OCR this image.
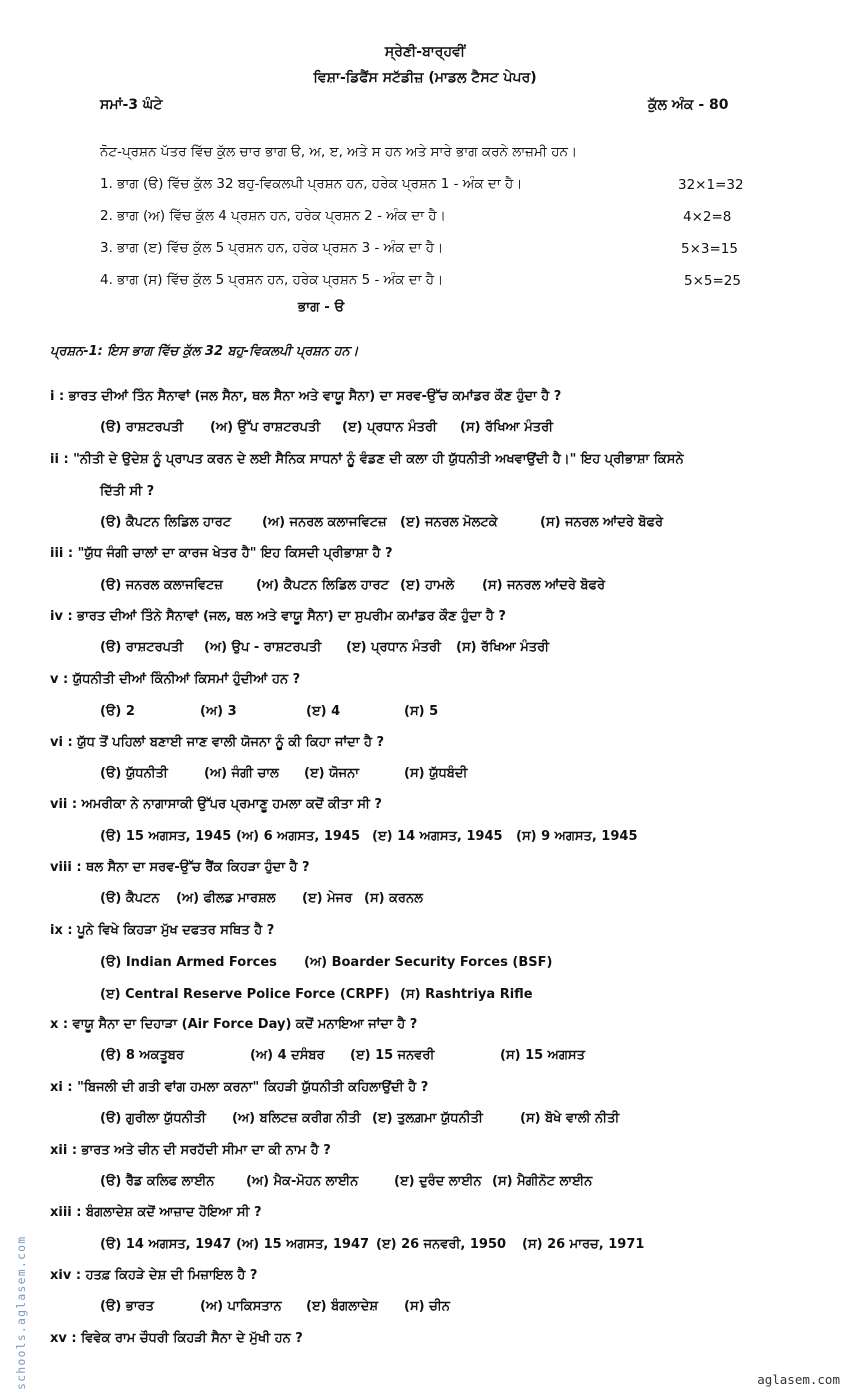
ਸ੍ਰੇਣੀ-ਬਾਰ੍ਹਵੀਂ
ਵਿਸ਼ਾ-ਡਿਫੈਂਸ ਸਟੱਡੀਜ਼ (ਮਾਡਲ ਟੈਸਟ ਪੇਪਰ)
ਸਮਾਂ-3 ਘੰਟੇ	ਕੁੱਲ ਅੰਕ - 80
ਨੋਟ-ਪ੍ਰਸ਼ਨ ਪੱਤਰ ਵਿੱਚ ਕੁੱਲ ਚਾਰ ਭਾਗ ੳ, ਅ, ੲ, ਅਤੇ ਸ ਹਨ ਅਤੇ ਸਾਰੇ ਭਾਗ ਕਰਨੇ ਲਾਜ਼ਮੀ ਹਨ।
1. ਭਾਗ (ੳ) ਵਿੱਚ ਕੁੱਲ 32 ਬਹੁ-ਵਿਕਲਪੀ ਪ੍ਰਸ਼ਨ ਹਨ, ਹਰੇਕ ਪ੍ਰਸ਼ਨ 1 - ਅੰਕ ਦਾ ਹੈ।	32×1=32
2. ਭਾਗ (ਅ) ਵਿੱਚ ਕੁੱਲ 4 ਪ੍ਰਸ਼ਨ ਹਨ, ਹਰੇਕ ਪ੍ਰਸ਼ਨ 2 - ਅੰਕ ਦਾ ਹੈ।	4×2=8
3. ਭਾਗ (ੲ) ਵਿੱਚ ਕੁੱਲ 5 ਪ੍ਰਸ਼ਨ ਹਨ, ਹਰੇਕ ਪ੍ਰਸ਼ਨ 3 - ਅੰਕ ਦਾ ਹੈ।	5×3=15
4. ਭਾਗ (ਸ) ਵਿੱਚ ਕੁੱਲ 5 ਪ੍ਰਸ਼ਨ ਹਨ, ਹਰੇਕ ਪ੍ਰਸ਼ਨ 5 - ਅੰਕ ਦਾ ਹੈ।	5×5=25
ਭਾਗ - ੳ
ਪ੍ਰਸ਼ਨ-1: ਇਸ ਭਾਗ ਵਿੱਚ ਕੁੱਲ 32 ਬਹੁ-ਵਿਕਲਪੀ ਪ੍ਰਸ਼ਨ ਹਨ।
i : ਭਾਰਤ ਦੀਆਂ ਤਿੰਨ ਸੈਨਾਵਾਂ (ਜਲ ਸੈਨਾ, ਥਲ ਸੈਨਾ ਅਤੇ ਵਾਯੂ ਸੈਨਾ) ਦਾ ਸਰਵ-ਉੱਚ ਕਮਾਂਡਰ ਕੌਣ ਹੁੰਦਾ ਹੈ ?
(ੳ) ਰਾਸ਼ਟਰਪਤੀ (ਅ) ਉੱਪ ਰਾਸ਼ਟਰਪਤੀ (ੲ) ਪ੍ਰਧਾਨ ਮੰਤਰੀ (ਸ) ਰੱਖਿਆ ਮੰਤਰੀ
ii : "ਨੀਤੀ ਦੇ ਉਦੇਸ਼ ਨੂੰ ਪ੍ਰਾਪਤ ਕਰਨ ਦੇ ਲਈ ਸੈਨਿਕ ਸਾਧਨਾਂ ਨੂੰ ਵੰਡਣ ਦੀ ਕਲਾ ਹੀ ਯੁੱਧਨੀਤੀ ਅਖਵਾਉਂਦੀ ਹੈ।" ਇਹ ਪ੍ਰੀਭਾਸ਼ਾ ਕਿਸਨੇ
ਦਿੱਤੀ ਸੀ ?
(ੳ) ਕੈਪਟਨ ਲਿਡਿਲ ਹਾਰਟ (ਅ) ਜਨਰਲ ਕਲਾਜਵਿਟਜ਼ (ੲ) ਜਨਰਲ ਮੋਲਟਕੇ	(ਸ) ਜਨਰਲ ਆਂਦਰੇ ਬੋਫਰੇ
iii : "ਯੁੱਧ ਜੰਗੀ ਚਾਲਾਂ ਦਾ ਕਾਰਜ ਖੇਤਰ ਹੈ" ਇਹ ਕਿਸਦੀ ਪ੍ਰੀਭਾਸ਼ਾ ਹੈ ?
(ੳ) ਜਨਰਲ ਕਲਾਜਵਿਟਜ਼	(ਅ) ਕੈਪਟਨ ਲਿਡਿਲ ਹਾਰਟ (ੲ) ਹਾਮਲੇ (ਸ) ਜਨਰਲ ਆਂਦਰੇ ਬੋਫਰੇ
iv : ਭਾਰਤ ਦੀਆਂ ਤਿੰਨੇ ਸੈਨਾਵਾਂ (ਜਲ, ਥਲ ਅਤੇ ਵਾਯੂ ਸੈਨਾ) ਦਾ ਸੁਪਰੀਮ ਕਮਾਂਡਰ ਕੌਣ ਹੁੰਦਾ ਹੈ ?
(ੳ) ਰਾਸ਼ਟਰਪਤੀ (ਅ) ਉਪ - ਰਾਸ਼ਟਰਪਤੀ (ੲ) ਪ੍ਰਧਾਨ ਮੰਤਰੀ (ਸ) ਰੱਖਿਆ ਮੰਤਰੀ
v : ਯੁੱਧਨੀਤੀ ਦੀਆਂ ਕਿੰਨੀਆਂ ਕਿਸਮਾਂ ਹੁੰਦੀਆਂ ਹਨ ?
(ੳ) 2	(ਅ) 3	(ੲ) 4	(ਸ) 5
vi : ਯੁੱਧ ਤੋਂ ਪਹਿਲਾਂ ਬਣਾਈ ਜਾਣ ਵਾਲੀ ਯੋਜਨਾ ਨੂੰ ਕੀ ਕਿਹਾ ਜਾਂਦਾ ਹੈ ?
(ੳ) ਯੁੱਧਨੀਤੀ	(ਅ) ਜੰਗੀ ਚਾਲ (ੲ) ਯੋਜਨਾ	(ਸ) ਯੁੱਧਬੰਦੀ
vii : ਅਮਰੀਕਾ ਨੇ ਨਾਗਾਸਾਕੀ ਉੱਪਰ ਪ੍ਰਮਾਣੂ ਹਮਲਾ ਕਦੋਂ ਕੀਤਾ ਸੀ ?
(ੳ) 15 ਅਗਸਤ, 1945 (ਅ) 6 ਅਗਸਤ, 1945 (ੲ) 14 ਅਗਸਤ, 1945 (ਸ) 9 ਅਗਸਤ, 1945
viii : ਥਲ ਸੈਨਾ ਦਾ ਸਰਵ-ਉੱਚ ਰੈਂਕ ਕਿਹੜਾ ਹੁੰਦਾ ਹੈ ?
(ੳ) ਕੈਪਟਨ (ਅ) ਫੀਲਡ ਮਾਰਸ਼ਲ (ੲ) ਮੇਜਰ (ਸ) ਕਰਨਲ
ix : ਪੂਨੇ ਵਿਖੇ ਕਿਹੜਾ ਮੁੱਖ ਦਫਤਰ ਸਥਿਤ ਹੈ ?
(ੳ) Indian Armed Forces (ਅ) Boarder Security Forces (BSF)
(ੲ) Central Reserve Police Force (CRPF) (ਸ) Rashtriya Rifle
x : ਵਾਯੂ ਸੈਨਾ ਦਾ ਦਿਹਾੜਾ (Air Force Day) ਕਦੋਂ ਮਨਾਇਆ ਜਾਂਦਾ ਹੈ ?
(ੳ) 8 ਅਕਤੂਬਰ	(ਅ) 4 ਦਸੰਬਰ (ੲ) 15 ਜਨਵਰੀ	(ਸ) 15 ਅਗਸਤ
xi : "ਬਿਜਲੀ ਦੀ ਗਤੀ ਵਾਂਗ ਹਮਲਾ ਕਰਨਾ" ਕਿਹੜੀ ਯੁੱਧਨੀਤੀ ਕਹਿਲਾਉਂਦੀ ਹੈ ?
(ੳ) ਗੁਰੀਲਾ ਯੁੱਧਨੀਤੀ (ਅ) ਬਲਿਟਜ਼ ਕਰੀਗ ਨੀਤੀ (ੲ) ਤੁਲਗ਼ਮਾ ਯੁੱਧਨੀਤੀ	(ਸ) ਬੋਖੇ ਵਾਲੀ ਨੀਤੀ
xii : ਭਾਰਤ ਅਤੇ ਚੀਨ ਦੀ ਸਰਹੱਦੀ ਸੀਮਾ ਦਾ ਕੀ ਨਾਮ ਹੈ ?
(ੳ) ਰੈੱਡ ਕਲਿਫ ਲਾਈਨ (ਅ) ਮੈਕ-ਮੋਹਨ ਲਾਈਨ	(ੲ) ਦੁਰੰਦ ਲਾਈਨ (ਸ) ਮੈਗੀਨੋਟ ਲਾਈਨ
xiii : ਬੰਗਲਾਦੇਸ਼ ਕਦੋਂ ਆਜ਼ਾਦ ਹੋਇਆ ਸੀ ?
(ੳ) 14 ਅਗਸਤ, 1947 (ਅ) 15 ਅਗਸਤ, 1947 (ੲ) 26 ਜਨਵਰੀ, 1950 (ਸ) 26 ਮਾਰਚ, 1971
xiv : ਹਤਫ਼ ਕਿਹੜੇ ਦੇਸ਼ ਦੀ ਮਿਜ਼ਾਇਲ ਹੈ ?
(ੳ) ਭਾਰਤ	(ਅ) ਪਾਕਿਸਤਾਨ (ੲ) ਬੰਗਲਾਦੇਸ਼ (ਸ) ਚੀਨ
xv : ਵਿਵੇਕ ਰਾਮ ਚੌਧਰੀ ਕਿਹੜੀ ਸੈਨਾ ਦੇ ਮੁੱਖੀ ਹਨ ?
schools.aglasem.com	aglasem.com
